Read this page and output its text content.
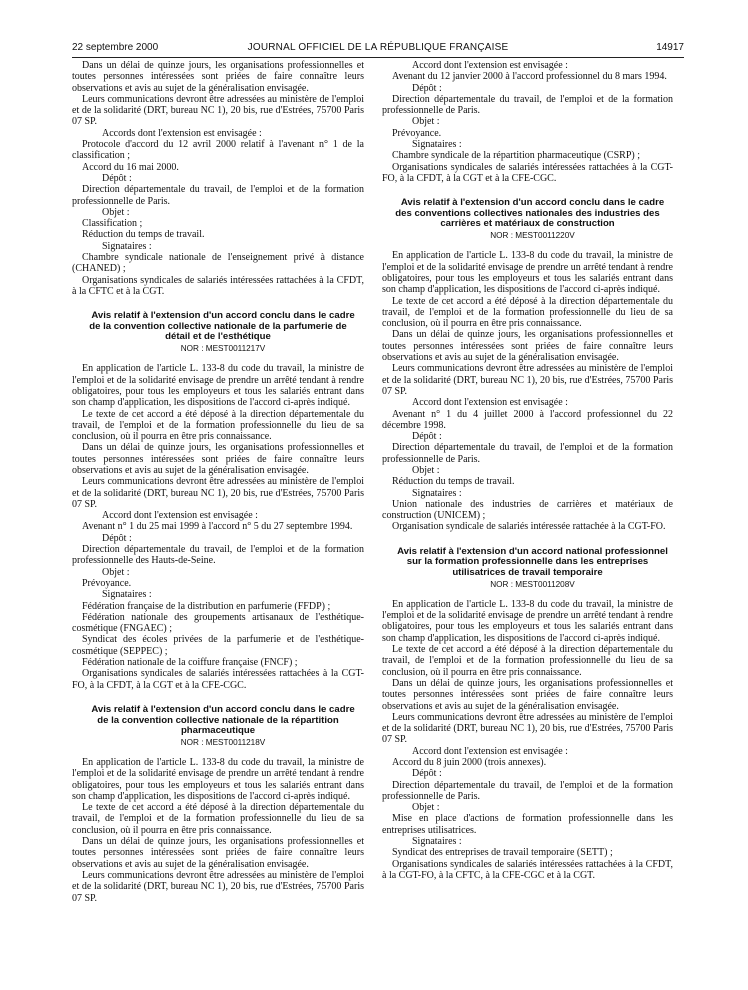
22 septembre 2000	JOURNAL OFFICIEL DE LA RÉPUBLIQUE FRANÇAISE	14917

Dans un délai de quinze jours, les organisations professionnelles et toutes personnes intéressées sont priées de faire connaître leurs observations et avis au sujet de la généralisation envisagée.

Leurs communications devront être adressées au ministère de l'emploi et de la solidarité (DRT, bureau NC 1), 20 bis, rue d'Estrées, 75700 Paris 07 SP.

Accords dont l'extension est envisagée :

Protocole d'accord du 12 avril 2000 relatif à l'avenant n° 1 de la classification ;

Accord du 16 mai 2000.

Dépôt :

Direction départementale du travail, de l'emploi et de la formation professionnelle de Paris.

Objet :

Classification ;

Réduction du temps de travail.

Signataires :

Chambre syndicale nationale de l'enseignement privé à distance (CHANED) ;

Organisations syndicales de salariés intéressées rattachées à la CFDT, à la CFTC et à la CGT.

Avis relatif à l'extension d'un accord conclu dans le cadre de la convention collective nationale de la parfumerie de détail et de l'esthétique

NOR : MESТ0011217V

En application de l'article L. 133-8 du code du travail, la ministre de l'emploi et de la solidarité envisage de prendre un arrêté tendant à rendre obligatoires, pour tous les employeurs et tous les salariés entrant dans son champ d'application, les dispositions de l'accord ci-après indiqué.

Le texte de cet accord a été déposé à la direction départementale du travail, de l'emploi et de la formation professionnelle du lieu de sa conclusion, où il pourra en être pris connaissance.

Dans un délai de quinze jours, les organisations professionnelles et toutes personnes intéressées sont priées de faire connaître leurs observations et avis au sujet de la généralisation envisagée.

Leurs communications devront être adressées au ministère de l'emploi et de la solidarité (DRT, bureau NC 1), 20 bis, rue d'Estrées, 75700 Paris 07 SP.

Accord dont l'extension est envisagée :

Avenant n° 1 du 25 mai 1999 à l'accord n° 5 du 27 septembre 1994.

Dépôt :

Direction départementale du travail, de l'emploi et de la formation professionnelle des Hauts-de-Seine.

Objet :

Prévoyance.

Signataires :

Fédération française de la distribution en parfumerie (FFDP) ;

Fédération nationale des groupements artisanaux de l'esthétique-cosmétique (FNGAEC) ;

Syndicat des écoles privées de la parfumerie et de l'esthétique-cosmétique (SEPPEC) ;

Fédération nationale de la coiffure française (FNCF) ;

Organisations syndicales de salariés intéressées rattachées à la CGT-FO, à la CFDT, à la CGT et à la CFE-CGC.

Avis relatif à l'extension d'un accord conclu dans le cadre de la convention collective nationale de la répartition pharmaceutique

NOR : MESТ0011218V

En application de l'article L. 133-8 du code du travail, la ministre de l'emploi et de la solidarité envisage de prendre un arrêté tendant à rendre obligatoires, pour tous les employeurs et tous les salariés entrant dans son champ d'application, les dispositions de l'accord ci-après indiqué.

Le texte de cet accord a été déposé à la direction départementale du travail, de l'emploi et de la formation professionnelle du lieu de sa conclusion, où il pourra en être pris connaissance.

Dans un délai de quinze jours, les organisations professionnelles et toutes personnes intéressées sont priées de faire connaître leurs observations et avis au sujet de la généralisation envisagée.

Leurs communications devront être adressées au ministère de l'emploi et de la solidarité (DRT, bureau NC 1), 20 bis, rue d'Estrées, 75700 Paris 07 SP.

Accord dont l'extension est envisagée :

Avenant du 12 janvier 2000 à l'accord professionnel du 8 mars 1994.

Dépôt :

Direction départementale du travail, de l'emploi et de la formation professionnelle de Paris.

Objet :

Prévoyance.

Signataires :

Chambre syndicale de la répartition pharmaceutique (CSRP) ;

Organisations syndicales de salariés intéressées rattachées à la CGT-FO, à la CFDT, à la CGT et à la CFE-CGC.

Avis relatif à l'extension d'un accord conclu dans le cadre des conventions collectives nationales des industries des carrières et matériaux de construction

NOR : MESТ0011220V

En application de l'article L. 133-8 du code du travail, la ministre de l'emploi et de la solidarité envisage de prendre un arrêté tendant à rendre obligatoires, pour tous les employeurs et tous les salariés entrant dans son champ d'application, les dispositions de l'accord ci-après indiqué.

Le texte de cet accord a été déposé à la direction départementale du travail, de l'emploi et de la formation professionnelle du lieu de sa conclusion, où il pourra en être pris connaissance.

Dans un délai de quinze jours, les organisations professionnelles et toutes personnes intéressées sont priées de faire connaître leurs observations et avis au sujet de la généralisation envisagée.

Leurs communications devront être adressées au ministère de l'emploi et de la solidarité (DRT, bureau NC 1), 20 bis, rue d'Estrées, 75700 Paris 07 SP.

Accord dont l'extension est envisagée :

Avenant n° 1 du 4 juillet 2000 à l'accord professionnel du 22 décembre 1998.

Dépôt :

Direction départementale du travail, de l'emploi et de la formation professionnelle de Paris.

Objet :

Réduction du temps de travail.

Signataires :

Union nationale des industries de carrières et matériaux de construction (UNICEM) ;

Organisation syndicale de salariés intéressée rattachée à la CGT-FO.

Avis relatif à l'extension d'un accord national professionnel sur la formation professionnelle dans les entreprises utilisatrices de travail temporaire

NOR : MESТ0011208V

En application de l'article L. 133-8 du code du travail, la ministre de l'emploi et de la solidarité envisage de prendre un arrêté tendant à rendre obligatoires, pour tous les employeurs et tous les salariés entrant dans son champ d'application, les dispositions de l'accord ci-après indiqué.

Le texte de cet accord a été déposé à la direction départementale du travail, de l'emploi et de la formation professionnelle du lieu de sa conclusion, où il pourra en être pris connaissance.

Dans un délai de quinze jours, les organisations professionnelles et toutes personnes intéressées sont priées de faire connaître leurs observations et avis au sujet de la généralisation envisagée.

Leurs communications devront être adressées au ministère de l'emploi et de la solidarité (DRT, bureau NC 1), 20 bis, rue d'Estrées, 75700 Paris 07 SP.

Accord dont l'extension est envisagée :

Accord du 8 juin 2000 (trois annexes).

Dépôt :

Direction départementale du travail, de l'emploi et de la formation professionnelle de Paris.

Objet :

Mise en place d'actions de formation professionnelle dans les entreprises utilisatrices.

Signataires :

Syndicat des entreprises de travail temporaire (SETT) ;

Organisations syndicales de salariés intéressées rattachées à la CFDT, à la CGT-FO, à la CFTC, à la CFE-CGC et à la CGT.
